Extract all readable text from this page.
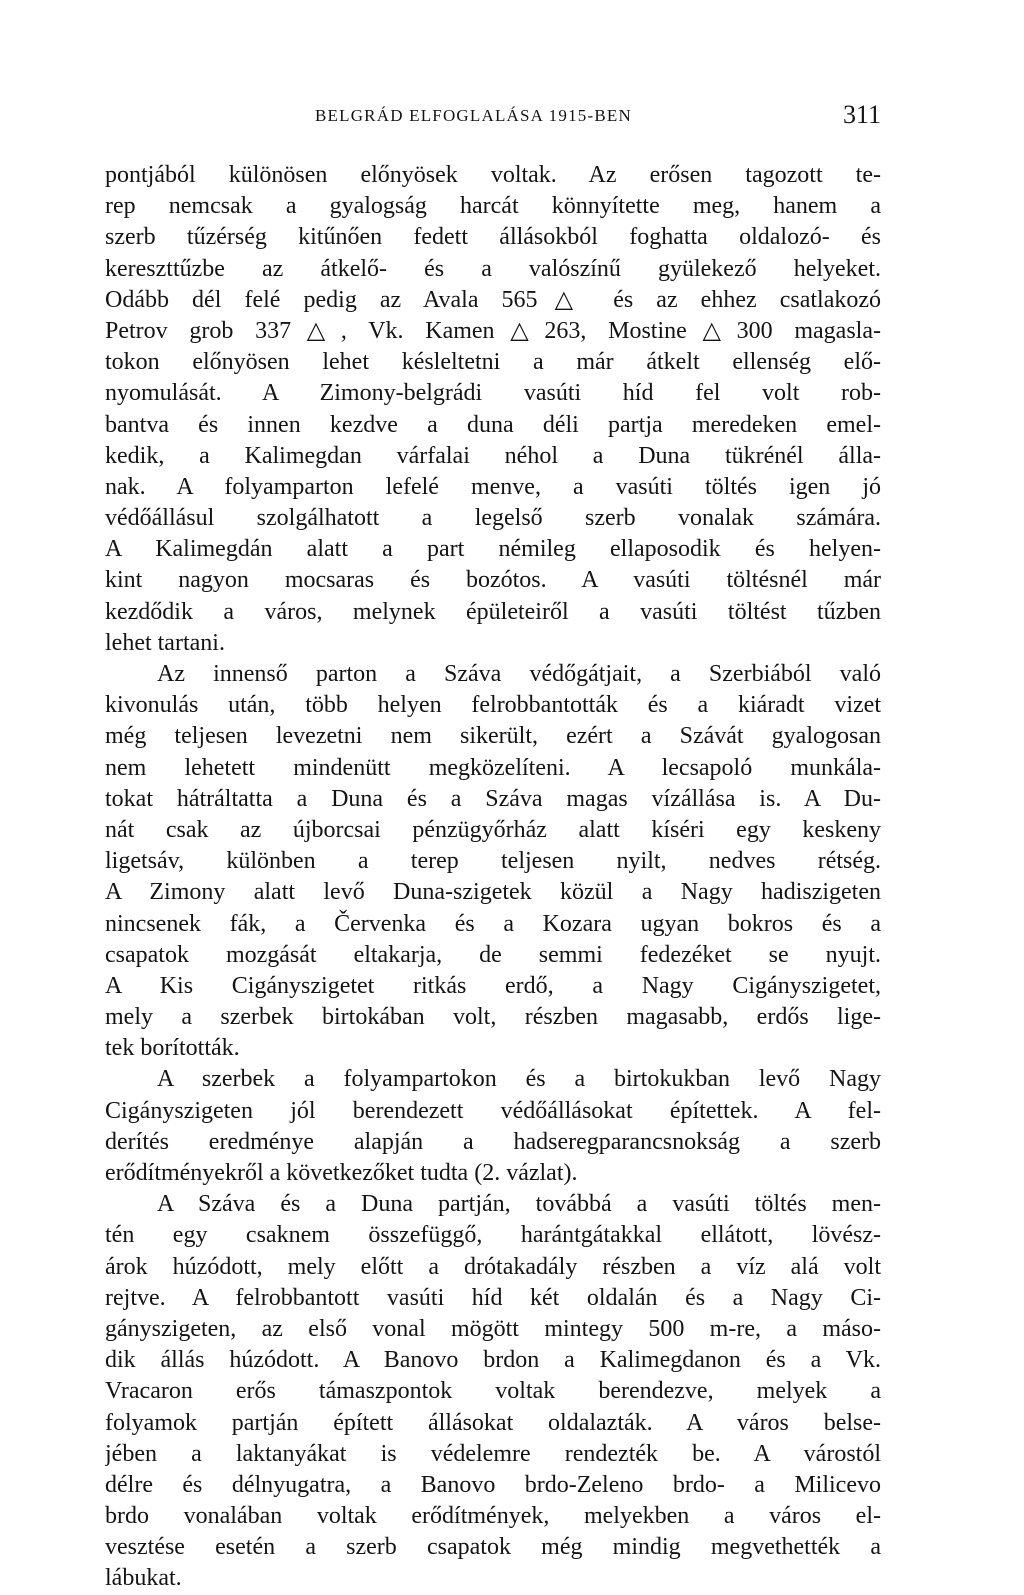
BELGRÁD ELFOGLALÁSA 1915-BEN	311
pontjából különösen előnyösek voltak. Az erősen tagozott te-
rep nemcsak a gyalogság harcát könnyítette meg, hanem a
szerb tűzérség kitűnően fedett állásokból foghatta oldalozó- és
kereszttűzbe az átkelő- és a valószínű gyülekező helyeket.
Odább dél felé pedig az Avala 565△ és az ehhez csatlakozó
Petrov grob 337△, Vk. Kamen△263, Mostine△300 magasla-
tokon előnyösen lehet késleltetni a már átkelt ellenség elő-
nyomulását. A Zimony-belgrádi vasúti híd fel volt rob-
bantva és innen kezdve a duna déli partja meredeken emel-
kedik, a Kalimegdan várfalai néhol a Duna tükrénél álla-
nak. A folyamparton lefelé menve, a vasúti töltés igen jó
védőállásul szolgálhatott a legelső szerb vonalak számára.
A Kalimegdán alatt a part némileg ellaposodik és helyen-
kint nagyon mocsaras és bozótos. A vasúti töltésnél már
kezdődik a város, melynek épületeiről a vasúti töltést tűzben
lehet tartani.
Az innenső parton a Száva védőgátjait, a Szerbiából való
kivonulás után, több helyen felrobbantották és a kiáradt vizet
még teljesen levezetni nem sikerült, ezért a Szávát gyalogosan
nem lehetett mindenütt megközelíteni. A lecsapoló munkála-
tokat hátráltatta a Duna és a Száva magas vízállása is. A Du-
nát csak az újborcsai pénzügyőrház alatt kíséri egy keskeny
ligetsáv, különben a terep teljesen nyilt, nedves rétség.
A Zimony alatt levő Duna-szigetek közül a Nagy hadiszigeten
nincsenek fák, a Červenka és a Kozara ugyan bokros és a
csapatok mozgását eltakarja, de semmi fedezéket se nyujt.
A Kis Cigányszigetet ritkás erdő, a Nagy Cigányszigetet,
mely a szerbek birtokában volt, részben magasabb, erdős lige-
tek borították.
A szerbek a folyampartokon és a birtokukban levő Nagy
Cigányszigeten jól berendezett védőállásokat építettek. A fel-
derítés eredménye alapján a hadseregparancsnokság a szerb
erődítményekről a következőket tudta (2. vázlat).
A Száva és a Duna partján, továbbá a vasúti töltés men-
tén egy csaknem összefüggő, harántgátakkal ellátott, lövész-
árok húzódott, mely előtt a drótakadály részben a víz alá volt
rejtve. A felrobbantott vasúti híd két oldalán és a Nagy Ci-
gányszigeten, az első vonal mögött mintegy 500 m-re, a máso-
dik állás húzódott. A Banovo brdon a Kalimegdanon és a Vk.
Vracaron erős támaszpontok voltak berendezve, melyek a
folyamok partján épített állásokat oldalazták. A város belse-
jében a laktanyákat is védelemre rendezték be. A várostól
délre és délnyugatra, a Banovo brdo-Zeleno brdo- a Milicevo
brdo vonalában voltak erődítmények, melyekben a város el-
vesztése esetén a szerb csapatok még mindig megvethették a
lábukat.
